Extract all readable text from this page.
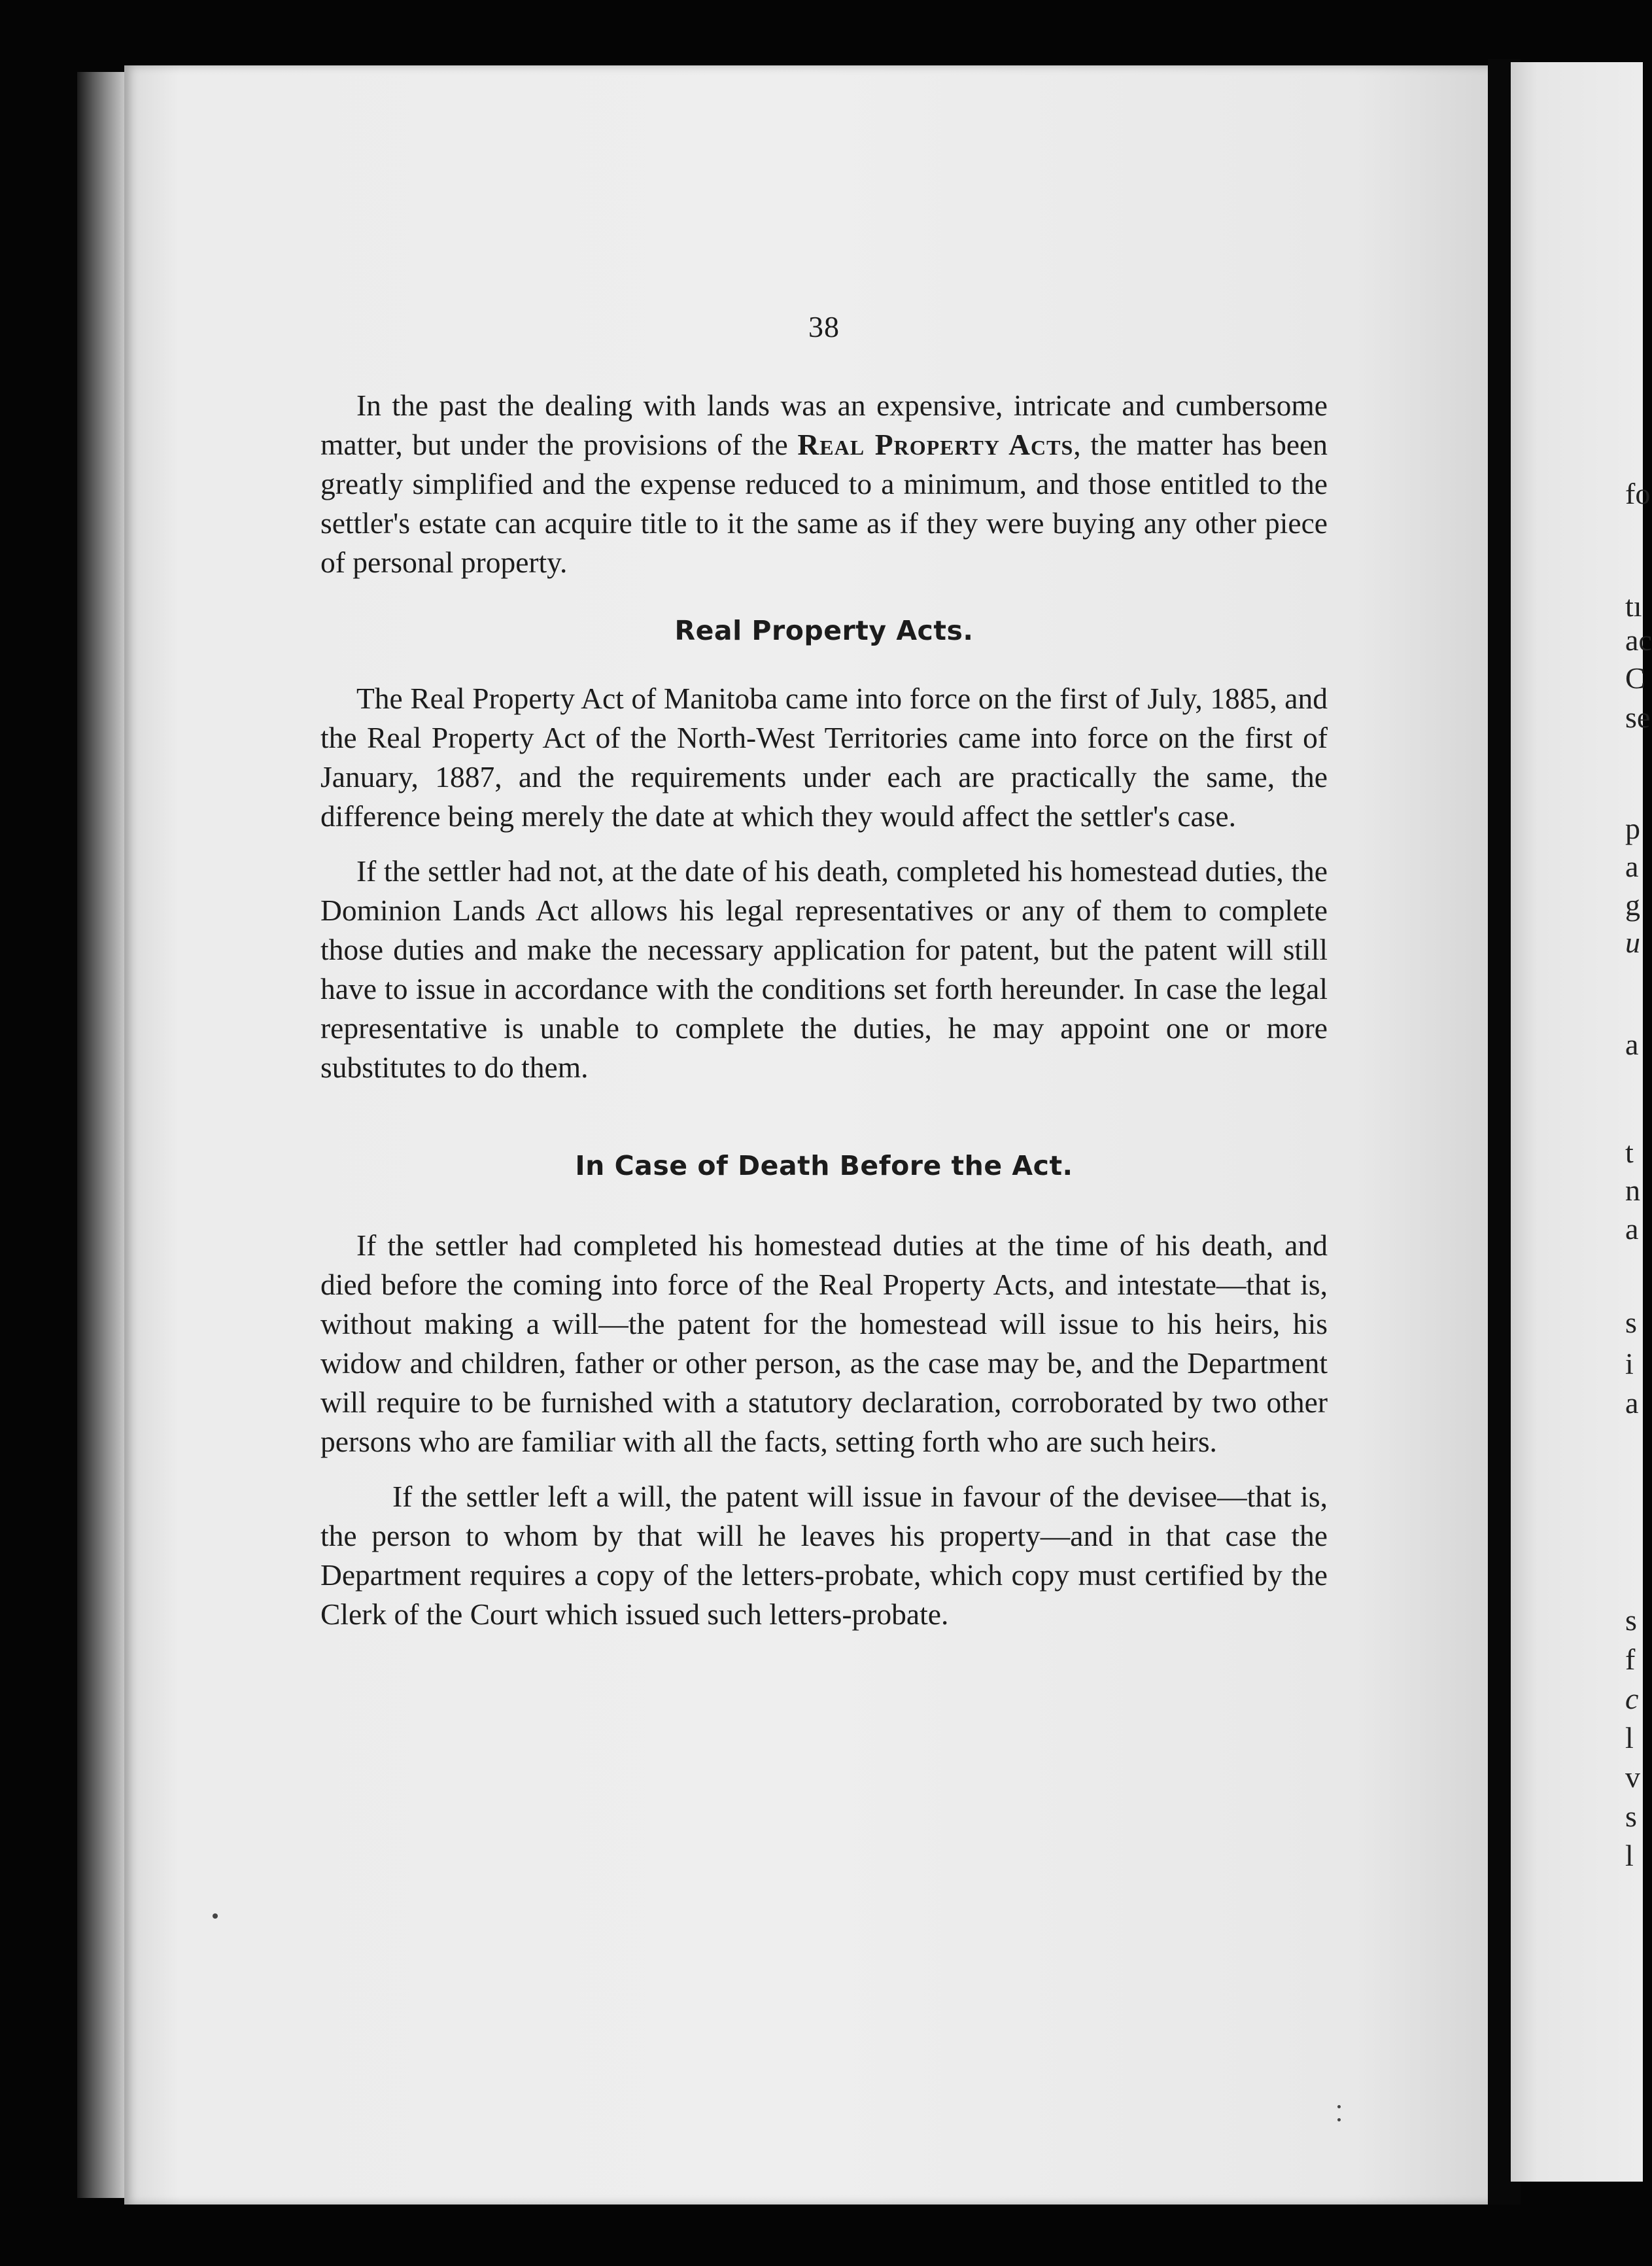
fo
tı
ac
C
se
p
a
g
u
a
t
n
a
s
i
a
s
f
c
l
v
s
l
38

In the past the dealing with lands was an expensive, intricate and cumbersome matter, but under the provisions of the Real Property Acts, the matter has been greatly simplified and the expense reduced to a minimum, and those entitled to the settler's estate can acquire title to it the same as if they were buying any other piece of personal property.

Real Property Acts.

The Real Property Act of Manitoba came into force on the first of July, 1885, and the Real Property Act of the North-West Territories came into force on the first of January, 1887, and the requirements under each are practically the same, the difference being merely the date at which they would affect the settler's case.

If the settler had not, at the date of his death, completed his homestead duties, the Dominion Lands Act allows his legal representatives or any of them to complete those duties and make the necessary application for patent, but the patent will still have to issue in accordance with the conditions set forth hereunder. In case the legal representative is unable to complete the duties, he may appoint one or more substitutes to do them.

In Case of Death Before the Act.

If the settler had completed his homestead duties at the time of his death, and died before the coming into force of the Real Property Acts, and intestate—that is, without making a will—the patent for the homestead will issue to his heirs, his widow and children, father or other person, as the case may be, and the Department will require to be furnished with a statutory declaration, corroborated by two other persons who are familiar with all the facts, setting forth who are such heirs.

If the settler left a will, the patent will issue in favour of the devisee—that is, the person to whom by that will he leaves his property—and in that case the Department requires a copy of the letters-probate, which copy must certified by the Clerk of the Court which issued such letters-probate.
